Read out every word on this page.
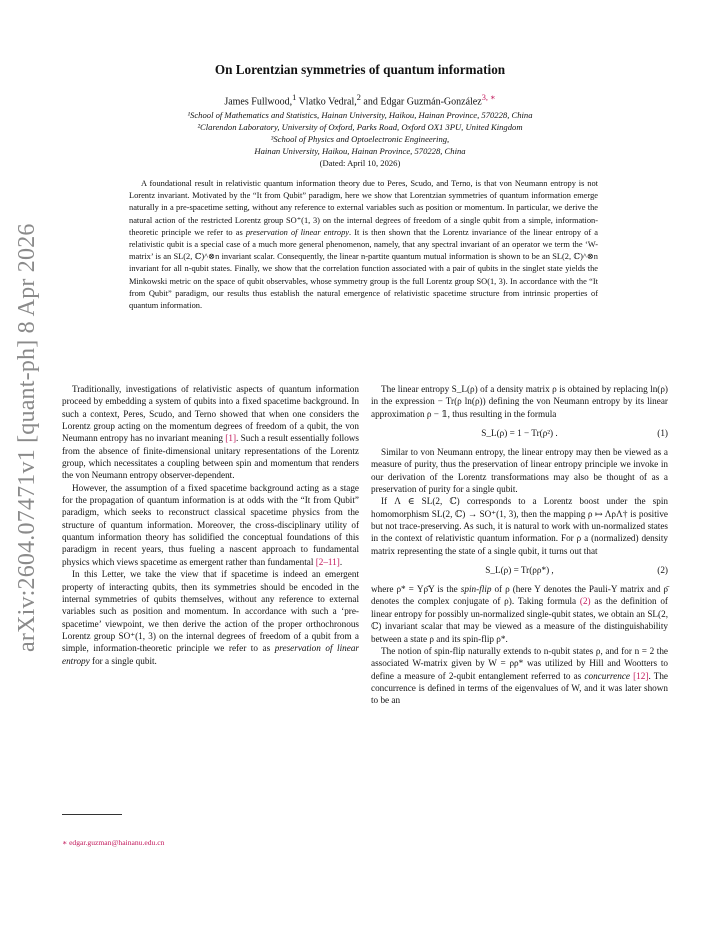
arXiv:2604.07471v1 [quant-ph] 8 Apr 2026
On Lorentzian symmetries of quantum information
James Fullwood,$^1$ Vlatko Vedral,$^2$ and Edgar Guzmán-González$^{3, ∗}$
¹School of Mathematics and Statistics, Hainan University, Haikou, Hainan Province, 570228, China
²Clarendon Laboratory, University of Oxford, Parks Road, Oxford OX1 3PU, United Kingdom
³School of Physics and Optoelectronic Engineering,
Hainan University, Haikou, Hainan Province, 570228, China
(Dated: April 10, 2026)
A foundational result in relativistic quantum information theory due to Peres, Scudo, and Terno, is that von Neumann entropy is not Lorentz invariant. Motivated by the “It from Qubit” paradigm, here we show that Lorentzian symmetries of quantum information emerge naturally in a pre-spacetime setting, without any reference to external variables such as position or momentum. In particular, we derive the natural action of the restricted Lorentz group SO⁺(1, 3) on the internal degrees of freedom of a single qubit from a simple, information-theoretic principle we refer to as preservation of linear entropy. It is then shown that the Lorentz invariance of the linear entropy of a relativistic qubit is a special case of a much more general phenomenon, namely, that any spectral invariant of an operator we term the ‘W-matrix’ is an SL(2, ℂ)^⊗n invariant scalar. Consequently, the linear n-partite quantum mutual information is shown to be an SL(2, ℂ)^⊗n invariant for all n-qubit states. Finally, we show that the correlation function associated with a pair of qubits in the singlet state yields the Minkowski metric on the space of qubit observables, whose symmetry group is the full Lorentz group SO(1, 3). In accordance with the “It from Qubit” paradigm, our results thus establish the natural emergence of relativistic spacetime structure from intrinsic properties of quantum information.

Traditionally, investigations of relativistic aspects of quantum information proceed by embedding a system of qubits into a fixed spacetime background. In such a context, Peres, Scudo, and Terno showed that when one considers the Lorentz group acting on the momentum degrees of freedom of a qubit, the von Neumann entropy has no invariant meaning [1]. Such a result essentially follows from the absence of finite-dimensional unitary representations of the Lorentz group, which necessitates a coupling between spin and momentum that renders the von Neumann entropy observer-dependent.

However, the assumption of a fixed spacetime background acting as a stage for the propagation of quantum information is at odds with the “It from Qubit” paradigm, which seeks to reconstruct classical spacetime physics from the structure of quantum information. Moreover, the cross-disciplinary utility of quantum information theory has solidified the conceptual foundations of this paradigm in recent years, thus fueling a nascent approach to fundamental physics which views spacetime as emergent rather than fundamental [2–11].

In this Letter, we take the view that if spacetime is indeed an emergent property of interacting qubits, then its symmetries should be encoded in the internal symmetries of qubits themselves, without any reference to external variables such as position and momentum. In accordance with such a ‘pre-spacetime’ viewpoint, we then derive the action of the proper orthochronous Lorentz group SO⁺(1, 3) on the internal degrees of freedom of a qubit from a simple, information-theoretic principle we refer to as preservation of linear entropy for a single qubit.

The linear entropy S_L(ρ) of a density matrix ρ is obtained by replacing ln(ρ) in the expression − Tr(ρ ln(ρ)) defining the von Neumann entropy by its linear approximation ρ − 𝟙, thus resulting in the formula

S_L(ρ) = 1 − Tr(ρ²) .	(1)

Similar to von Neumann entropy, the linear entropy may then be viewed as a measure of purity, thus the preservation of linear entropy principle we invoke in our derivation of the Lorentz transformations may also be thought of as a preservation of purity for a single qubit.

If Λ ∈ SL(2, ℂ) corresponds to a Lorentz boost under the spin homomorphism SL(2, ℂ) → SO⁺(1, 3), then the mapping ρ ↦ ΛρΛ† is positive but not trace-preserving. As such, it is natural to work with un-normalized states in the context of relativistic quantum information. For ρ a (normalized) density matrix representing the state of a single qubit, it turns out that

S_L(ρ) = Tr(ρρ*) ,	(2)

where ρ* = Yρ̄Y is the spin-flip of ρ (here Y denotes the Pauli-Y matrix and ρ̄ denotes the complex conjugate of ρ). Taking formula (2) as the definition of linear entropy for possibly un-normalized single-qubit states, we obtain an SL(2, ℂ) invariant scalar that may be viewed as a measure of the distinguishability between a state ρ and its spin-flip ρ*.

The notion of spin-flip naturally extends to n-qubit states ρ, and for n = 2 the associated W-matrix given by W = ρρ* was utilized by Hill and Wootters to define a measure of 2-qubit entanglement referred to as concurrence [12]. The concurrence is defined in terms of the eigenvalues of W, and it was later shown to be an

∗ edgar.guzman@hainanu.edu.cn
